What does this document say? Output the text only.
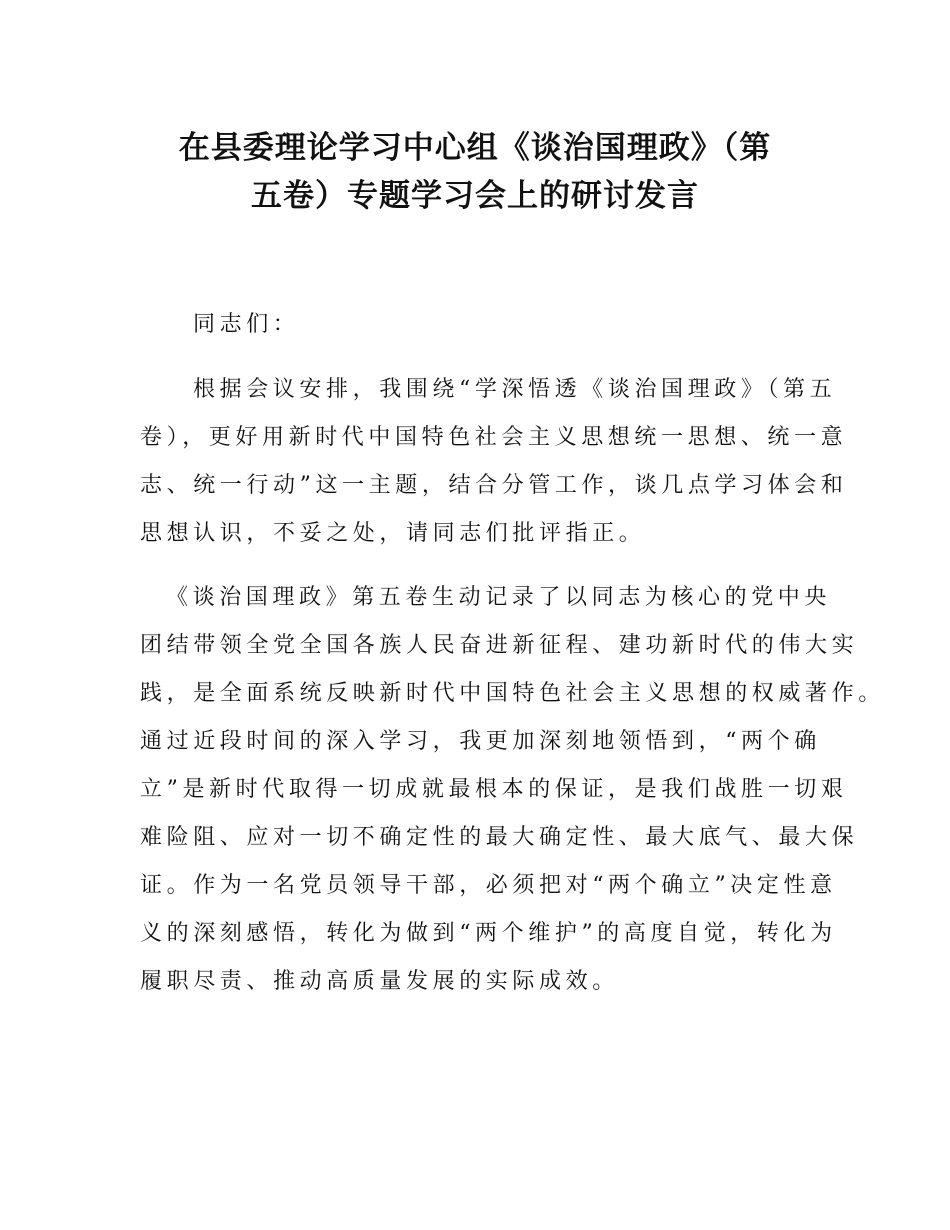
在县委理论学习中心组《谈治国理政》（第
五卷）专题学习会上的研讨发言
同志们：
根据会议安排，我围绕“学深悟透《谈治国理政》（第五
卷），更好用新时代中国特色社会主义思想统一思想、统一意
志、统一行动”这一主题，结合分管工作，谈几点学习体会和
思想认识，不妥之处，请同志们批评指正。
《谈治国理政》第五卷生动记录了以同志为核心的党中央
团结带领全党全国各族人民奋进新征程、建功新时代的伟大实
践，是全面系统反映新时代中国特色社会主义思想的权威著作。
通过近段时间的深入学习，我更加深刻地领悟到，“两个确
立”是新时代取得一切成就最根本的保证，是我们战胜一切艰
难险阻、应对一切不确定性的最大确定性、最大底气、最大保
证。作为一名党员领导干部，必须把对“两个确立”决定性意
义的深刻感悟，转化为做到“两个维护”的高度自觉，转化为
履职尽责、推动高质量发展的实际成效。
